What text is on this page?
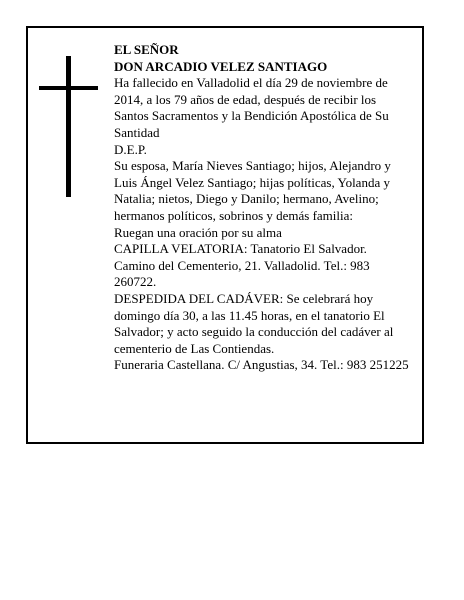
EL SEÑOR

DON ARCADIO VELEZ SANTIAGO

Ha fallecido en Valladolid el día 29 de noviembre de 2014, a los 79 años de edad, después de recibir los Santos Sacramentos y la Bendición Apostólica de Su Santidad

D.E.P.

Su esposa, María Nieves Santiago; hijos, Alejandro y Luis Ángel Velez Santiago; hijas políticas, Yolanda y Natalia; nietos, Diego y Danilo; hermano, Avelino; hermanos políticos, sobrinos y demás familia:

Ruegan una oración por su alma

CAPILLA VELATORIA: Tanatorio El Salvador. Camino del Cementerio, 21. Valladolid. Tel.: 983 260722.

DESPEDIDA DEL CADÁVER: Se celebrará hoy domingo día 30, a las 11.45 horas, en el tanatorio El Salvador; y acto seguido la conducción del cadáver al cementerio de Las Contiendas.

Funeraria Castellana. C/ Angustias, 34. Tel.: 983 251225
